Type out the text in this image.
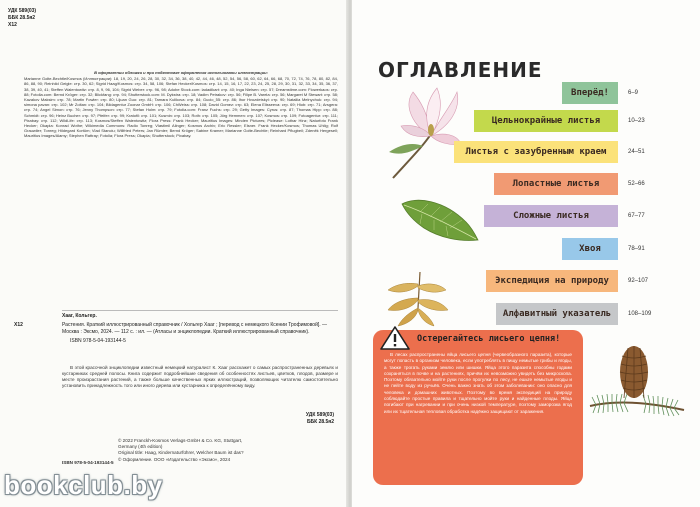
УДК 589(03)
ББК 28.5я2
Х12
В оформлении обложки и при подготовке оформления использованы иллюстрации:
Marianne Golte-Bechtle/Kosmos (Иллюстрации): 18, 19, 20, 24, 26, 28, 30, 32, 34, 36, 38, 40, 42, 44, 46, 48, 52, 54, 56, 58, 60, 62, 64, 66, 68, 70, 72, 74, 76, 78, 80, 82, 84, 86, 88, 90; Reinhild Geigle: стр. 30, 62; Sigrid Haag/Kosmos: стр. 34, 58, 106; Stefan Hecker/Kosmos: стр. 14, 15, 16, 17, 22, 23, 24, 25, 28, 29, 30, 31, 32, 33, 34, 35, 36, 37, 38, 39, 40, 41; Steffen Walentowitz: стр. 8, 9, 96, 104; Sigrid Weber: стр. 96, 98; Adobe Stock.com: ladadikart: стр. 40; Inga Nielsen: стр. 57; Dreamstime.com: Flowerkaos: стр. 88; Fotolia.com: Bernd Kröger: стр. 32; Blickfang: стр. 94; Shutterstock.com: M. Dykstra: стр. 18; Vadim Petrakov: стр. 56; Filipe B. Varela: стр. 56; Margaret M Stewart: стр. 58; Kazakov Maksim: стр. 78; Martin Fowler: стр. 80; Lijuan Guo: стр. 81; Tamara Kulikova: стр. 84; Gucio_55: стр. 86; Ihor Hvozdetskyi: стр. 90; Nataliia Melnychuk: стр. 94; simona pavan: стр. 102; Mr Zoltan: стр. 104; Bildagentur Zoonar GmbH: стр. 106; ChWeiss: стр. 108; David Gomez: стр. 63; Elena Elisseeva: стр. 69; Hiob: стр. 71; Arsgera: стр. 74; Angel Simon: стр. 76; Jenny Thompson: стр. 77; Stefan Holm: стр. 79; Fotolia.com: Franz Fuchs: стр. 29; Getty Images: Cyrus: стр. 87; Thomas Hipp: стр. 88; Schmidt: стр. 96; Heinz Bucher: стр. 97; Pfeifer: стр. 99; Kratofil: стр. 101; Kusmin: стр. 103; Roth: стр. 105; Jörg Hemmen: стр. 107; Kosmos: стр. 109; Fotoagentur: стр. 111; Pixabay: стр. 112; WildLife: стр. 113; Kosmos/Steffen Walentowitz; Flora Press: Frank Hecker; Mauritius Images: Minden Pictures; Piclease: Lothar Hinz; Naturfoto Frank Hecker; Okapia: Konrad Wothe; Wikimedia Commons: Radio Tonreg; Vlastimil Alinger; Kosmos Archiv; Eric Ressler; Elsner. Frank Hecker/Kosmos; Thomas Uhlig; Rolf Grauwiler; Tonreg; Hildegard Kortüm; Vlad Stanciu; Willfried Peters; Jan Rümler; Bernd Kröger; Sabine Kramer; Marianne Golte-Bechtle; Reinhard Pflugbeil; Zdeněk Hergesell; Mauritius Images/Alamy; Stephen Rattray; Fotolia; Flora Press; Okapia; Shutterstock; Pixabay.
Хааг, Кольгер.
Х12	Растения. Краткий иллюстрированный справочник / Хольгер Хааг ; [перевод с немецкого Ксении Трофимовой]. — Москва : Эксмо, 2024. — 112 с. : ил. — (Атласы и энциклопедии. Краткий иллюстрированный справочник).
ISBN 978-5-04-193144-5
В этой красочной энциклопедии известный немецкий натуралист К. Хааг расскажет о самых распространенных деревьях и кустарниках средней полосы. Книга содержит подробнейшие сведения об особенностях листьев, цветков, плодов, размере и месте произрастания растений, а также больше качественных ярких иллюстраций, позволяющих читателю самостоятельно установить принадлежность того или иного дерева или кустарника к определённому виду.
УДК 589(03)
ББК 28.5я2
© 2022 Franckh-Kosmos Verlags-GmbH & Co. KG, Stuttgart,
Germany (4th edition)
Original title: Haag, Kindernaturführer, Welcher Baum ist das?
© Оформление. ООО «Издательство «Эксмо», 2024
ISBN 978-5-04-193144-5
ОГЛАВЛЕНИЕ
Вперёд!	6–9
Цельнокрайные листья	10–23
Листья с зазубренным краем	24–51
Лопастные листья	52–66
Сложные листья	67–77
Хвоя	78–91
Экспедиция на природу	92–107
Алфавитный указатель	108–109
Остерегайтесь лисьего цепня!
В лесах распространены яйца лисьего цепня (червеобразного паразита), которые могут попасть в организм человека, если употреблять в пищу немытые грибы и ягоды, а также трогать руками землю или шишки. Яйца этого паразита способны годами сохраняться в почве и на растениях, причём их невозможно увидеть без микроскопа. Поэтому обязательно мойте руки после прогулки по лесу, не ешьте немытые ягоды и не пейте воду из ручьёв. Очень важно знать об этом заболевании: оно опасно для человека и домашних животных. Поэтому во время экспедиций на природу соблюдайте простые правила и тщательно мойте руки и найденные плоды. Яйца погибают при нагревании и при очень низкой температуре, поэтому заморозка ягод или их тщательная тепловая обработка надёжно защищают от заражения.
bookclub.by
